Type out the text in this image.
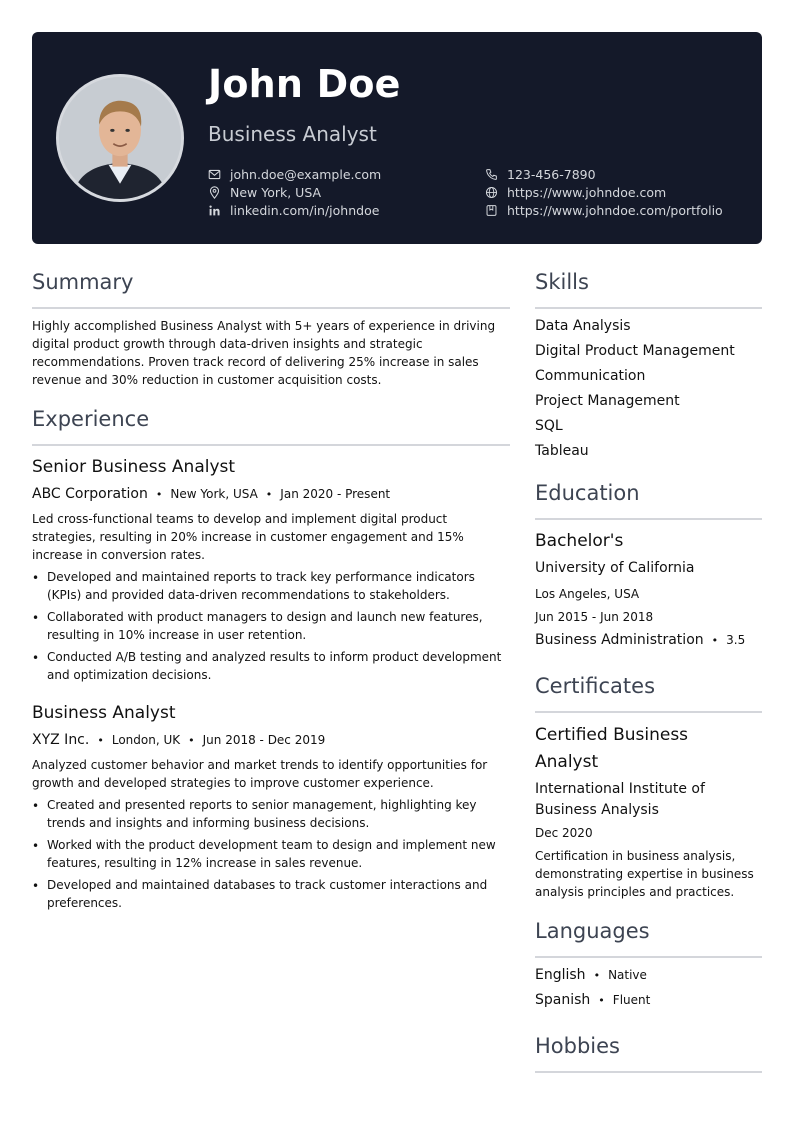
John Doe
Business Analyst
john.doe@example.com
New York, USA
linkedin.com/in/johndoe
123-456-7890
https://www.johndoe.com
https://www.johndoe.com/portfolio
Summary
Highly accomplished Business Analyst with 5+ years of experience in driving digital product growth through data-driven insights and strategic recommendations. Proven track record of delivering 25% increase in sales revenue and 30% reduction in customer acquisition costs.
Experience
Senior Business Analyst
ABC Corporation • New York, USA • Jan 2020 - Present
Led cross-functional teams to develop and implement digital product strategies, resulting in 20% increase in customer engagement and 15% increase in conversion rates.
• Developed and maintained reports to track key performance indicators (KPIs) and provided data-driven recommendations to stakeholders.
• Collaborated with product managers to design and launch new features, resulting in 10% increase in user retention.
• Conducted A/B testing and analyzed results to inform product development and optimization decisions.
Business Analyst
XYZ Inc. • London, UK • Jun 2018 - Dec 2019
Analyzed customer behavior and market trends to identify opportunities for growth and developed strategies to improve customer experience.
• Created and presented reports to senior management, highlighting key trends and insights and informing business decisions.
• Worked with the product development team to design and implement new features, resulting in 12% increase in sales revenue.
• Developed and maintained databases to track customer interactions and preferences.
Skills
Data Analysis
Digital Product Management
Communication
Project Management
SQL
Tableau
Education
Bachelor's
University of California
Los Angeles, USA
Jun 2015 - Jun 2018
Business Administration • 3.5
Certificates
Certified Business Analyst
International Institute of Business Analysis
Dec 2020
Certification in business analysis, demonstrating expertise in business analysis principles and practices.
Languages
English • Native
Spanish • Fluent
Hobbies
